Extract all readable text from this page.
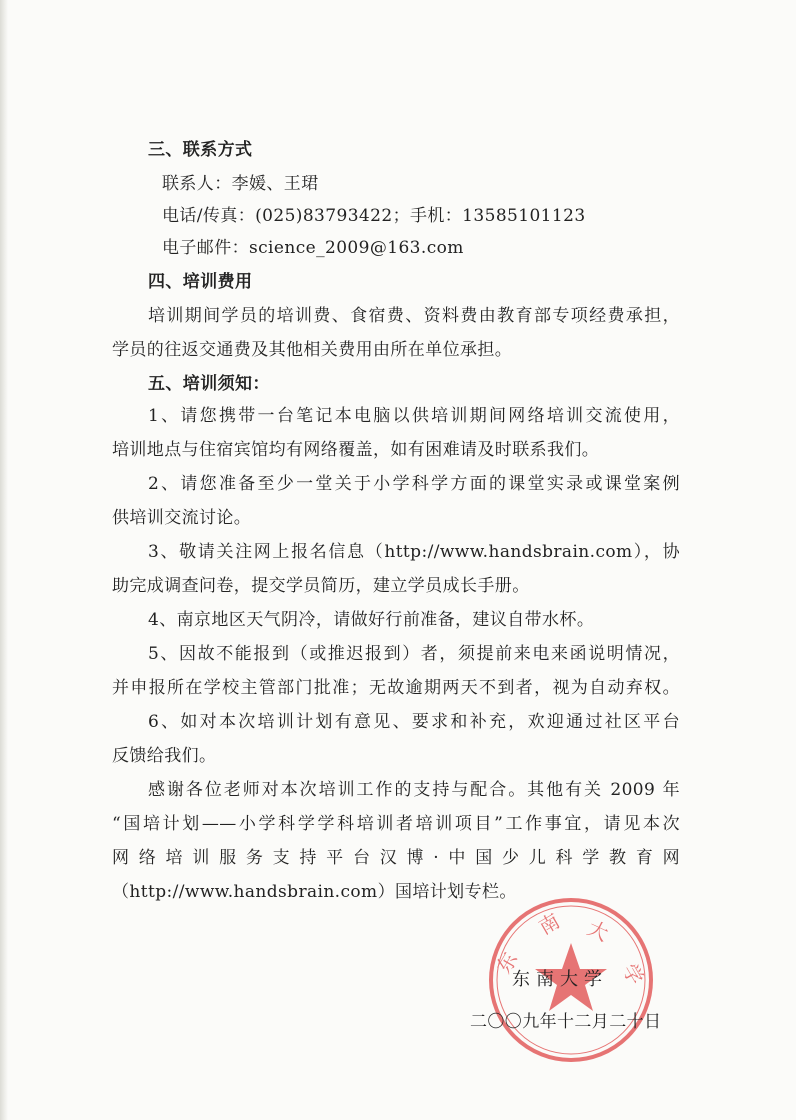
三、联系方式
联系人：李媛、王珺
电话/传真：(025)83793422；手机：13585101123
电子邮件：science_2009@163.com
四、培训费用
培训期间学员的培训费、食宿费、资料费由教育部专项经费承担，
学员的往返交通费及其他相关费用由所在单位承担。
五、培训须知：
1、请您携带一台笔记本电脑以供培训期间网络培训交流使用，
培训地点与住宿宾馆均有网络覆盖，如有困难请及时联系我们。
2、请您准备至少一堂关于小学科学方面的课堂实录或课堂案例
供培训交流讨论。
3、敬请关注网上报名信息（http://www.handsbrain.com），协
助完成调查问卷，提交学员简历，建立学员成长手册。
4、南京地区天气阴冷，请做好行前准备，建议自带水杯。
5、因故不能报到（或推迟报到）者，须提前来电来函说明情况，
并申报所在学校主管部门批准；无故逾期两天不到者，视为自动弃权。
6、如对本次培训计划有意见、要求和补充，欢迎通过社区平台
反馈给我们。
感谢各位老师对本次培训工作的支持与配合。其他有关 2009 年
“国培计划——小学科学学科培训者培训项目”工作事宜，请见本次
网络培训服务支持平台汉博·中国少儿科学教育网
（http://www.handsbrain.com）国培计划专栏。
南 大
东	学
东南大学
二〇〇九年十二月二十日
